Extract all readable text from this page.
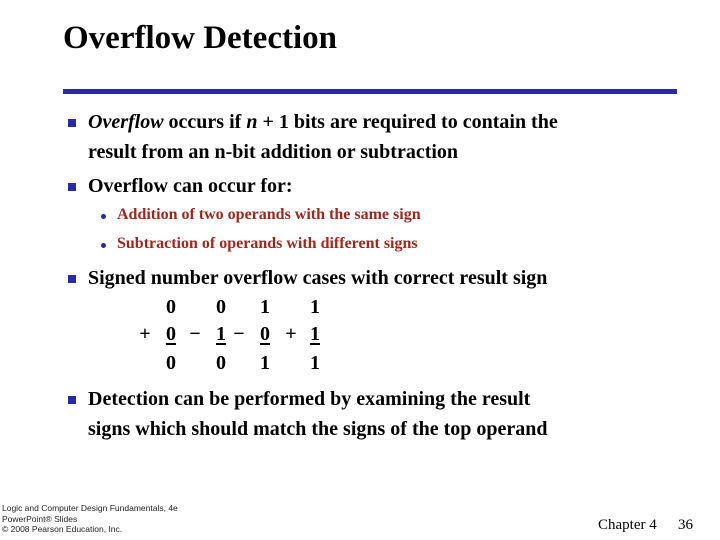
Overflow Detection
Overflow occurs if n + 1 bits are required to contain the
result from an n-bit addition or subtraction
Overflow can occur for:
Addition of two operands with the same sign
Subtraction of operands with different signs
Signed number overflow cases with correct result sign
0	0	1	1
+ 0 − 1 − 0 + 1
0	0	1	1
Detection can be performed by examining the result
signs which should match the signs of the top operand
Logic and Computer Design Fundamentals, 4e
PowerPoint® Slides
© 2008 Pearson Education, Inc.	Chapter 4 36
